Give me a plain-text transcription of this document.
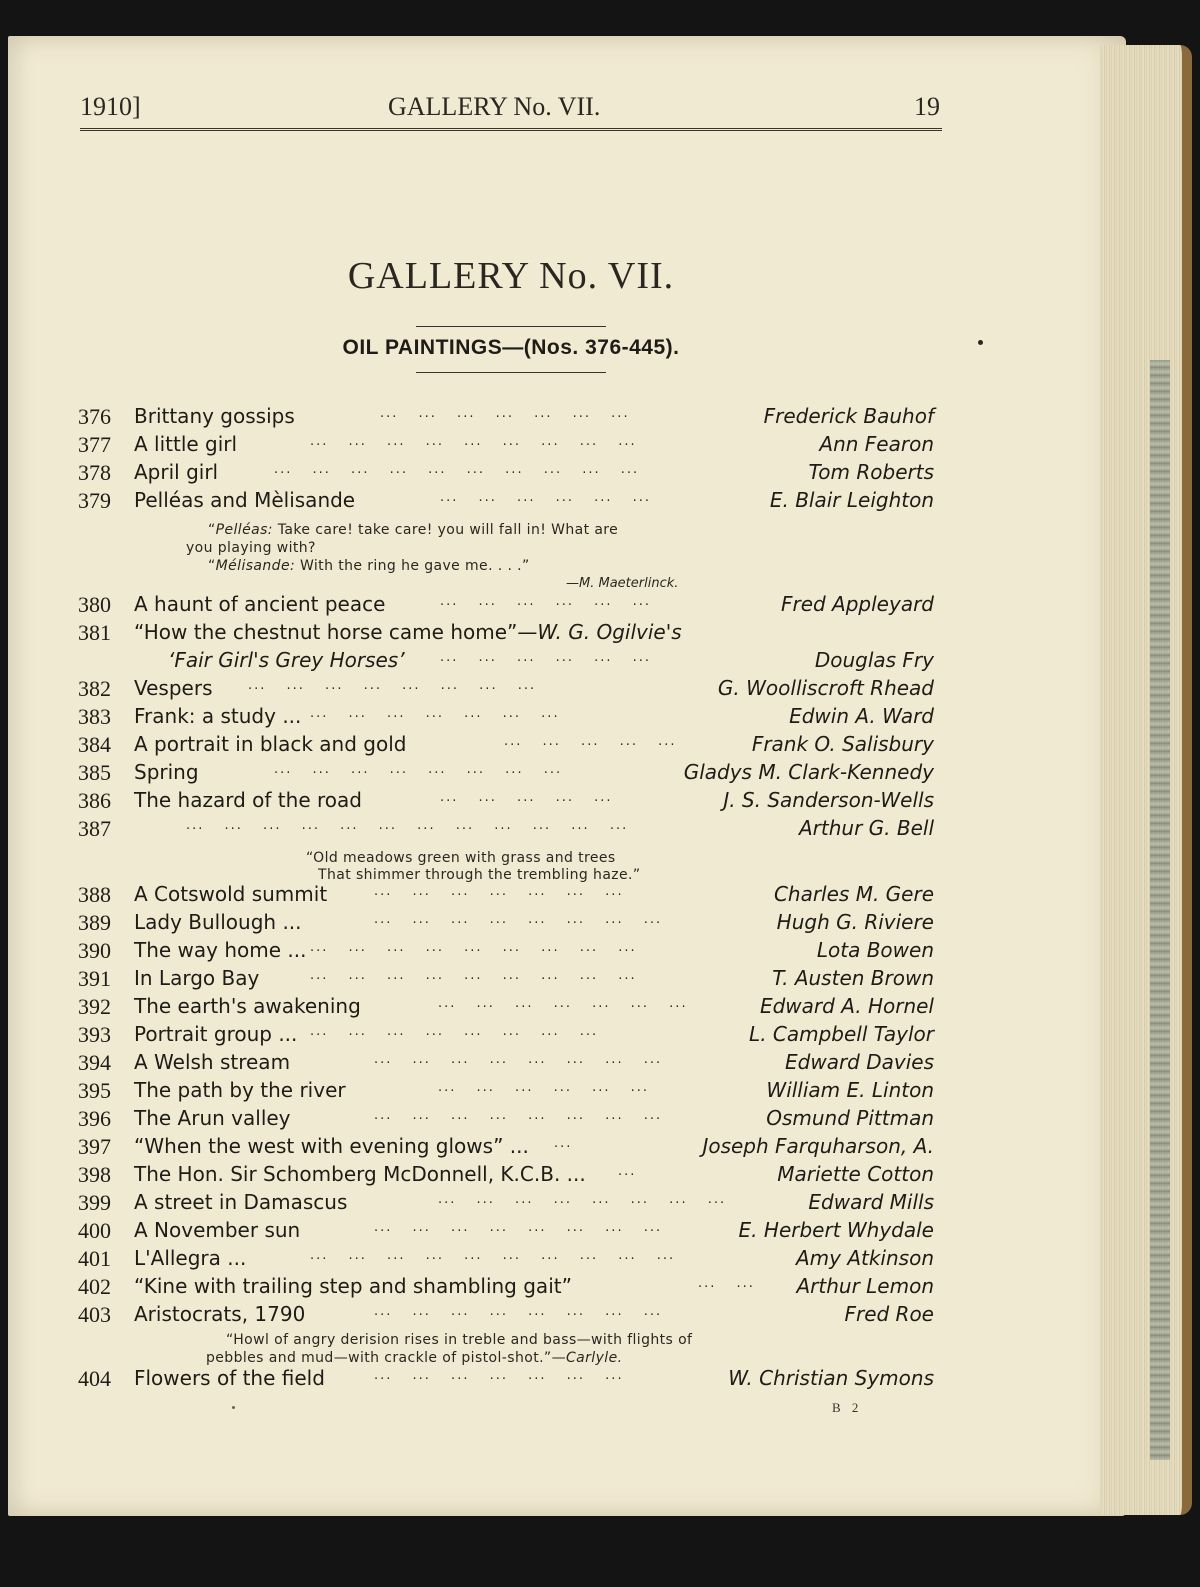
1910]	GALLERY No. VII.	19
GALLERY No. VII.
OIL PAINTINGS—(Nos. 376-445).
376 Brittany gossips	... ... ... ... ... ... ...	Frederick Bauhof
377 A little girl	... ... ... ... ... ... ... ... ...	Ann Fearon
378 April girl	... ... ... ... ... ... ... ... ... ...	Tom Roberts
379 Pelléas and Mèlisande	... ... ... ... ... ...	E. Blair Leighton
380 A haunt of ancient peace	... ... ... ... ... ...	Fred Appleyard
381 “How the chestnut horse came home”—W. G. Ogilvie's
‘Fair Girl's Grey Horses’	... ... ... ... ... ...	Douglas Fry
382 Vespers	... ... ... ... ... ... ... ...	G. Woolliscroft Rhead
383 Frank: a study ... ... ... ... ... ... ... ...	Edwin A. Ward
384 A portrait in black and gold	... ... ... ... ...	Frank O. Salisbury
385 Spring	... ... ... ... ... ... ... ...	Gladys M. Clark-Kennedy
386 The hazard of the road	... ... ... ... ...	J. S. Sanderson-Wells
387	... ... ... ... ... ... ... ... ... ... ... ...	Arthur G. Bell
388 A Cotswold summit	... ... ... ... ... ... ...	Charles M. Gere
389 Lady Bullough ...	... ... ... ... ... ... ... ...	Hugh G. Riviere
390 The way home ... ... ... ... ... ... ... ... ... ...	Lota Bowen
391 In Largo Bay	... ... ... ... ... ... ... ... ...	T. Austen Brown
392 The earth's awakening	... ... ... ... ... ... ...	Edward A. Hornel
393 Portrait group ... ... ... ... ... ... ... ... ...	L. Campbell Taylor
394 A Welsh stream	... ... ... ... ... ... ... ...	Edward Davies
395 The path by the river	... ... ... ... ... ...	William E. Linton
396 The Arun valley	... ... ... ... ... ... ... ...	Osmund Pittman
397 “When the west with evening glows” ... ...	Joseph Farquharson, A.
398 The Hon. Sir Schomberg McDonnell, K.C.B. ... ...	Mariette Cotton
399 A street in Damascus	... ... ... ... ... ... ... ...	Edward Mills
400 A November sun	... ... ... ... ... ... ... ...	E. Herbert Whydale
401 L'Allegra ...	... ... ... ... ... ... ... ... ... ...	Amy Atkinson
402 “Kine with trailing step and shambling gait”	... ... Arthur Lemon
403 Aristocrats, 1790	... ... ... ... ... ... ... ...	Fred Roe
404 Flowers of the field	... ... ... ... ... ... ...	W. Christian Symons
“Pelléas: Take care! take care! you will fall in! What are
you playing with?
“Mélisande: With the ring he gave me. . . .”
—M. Maeterlinck.
“Old meadows green with grass and trees
That shimmer through the trembling haze.”
“Howl of angry derision rises in treble and bass—with flights of
pebbles and mud—with crackle of pistol-shot.”—Carlyle.
B 2
